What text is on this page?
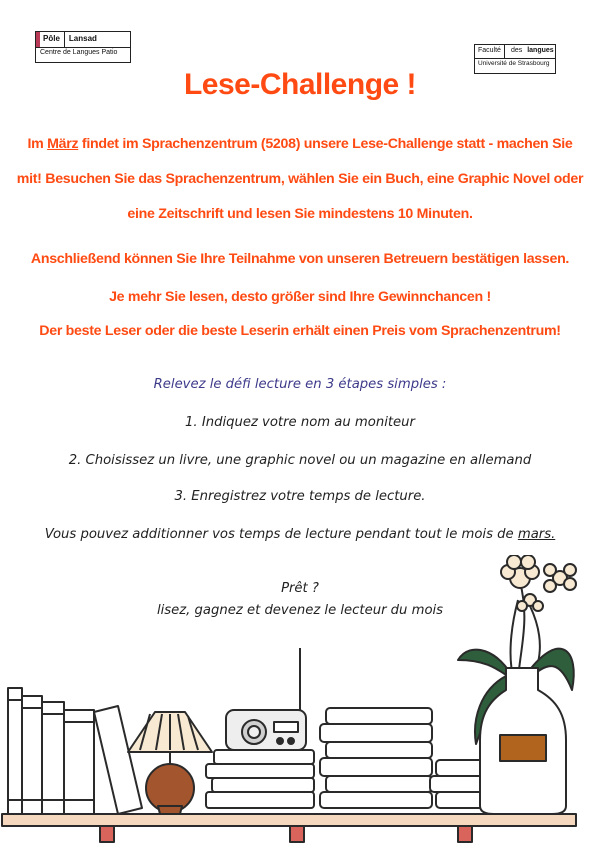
Pôle	Lansad
Centre de Langues Patio	Faculté	des langues
Université de Strasbourg
Lese-Challenge !

Im März findet im Sprachenzentrum (5208) unsere Lese-Challenge statt - machen Sie

mit! Besuchen Sie das Sprachenzentrum, wählen Sie ein Buch, eine Graphic Novel oder

eine Zeitschrift und lesen Sie mindestens 10 Minuten.

Anschließend können Sie Ihre Teilnahme von unseren Betreuern bestätigen lassen.

Je mehr Sie lesen, desto größer sind Ihre Gewinnchancen !

Der beste Leser oder die beste Leserin erhält einen Preis vom Sprachenzentrum!

Relevez le défi lecture en 3 étapes simples :

1. Indiquez votre nom au moniteur

2. Choisissez un livre, une graphic novel ou un magazine en allemand

3. Enregistrez votre temps de lecture.

Vous pouvez additionner vos temps de lecture pendant tout le mois de mars.

Prêt ?

lisez, gagnez et devenez le lecteur du mois
